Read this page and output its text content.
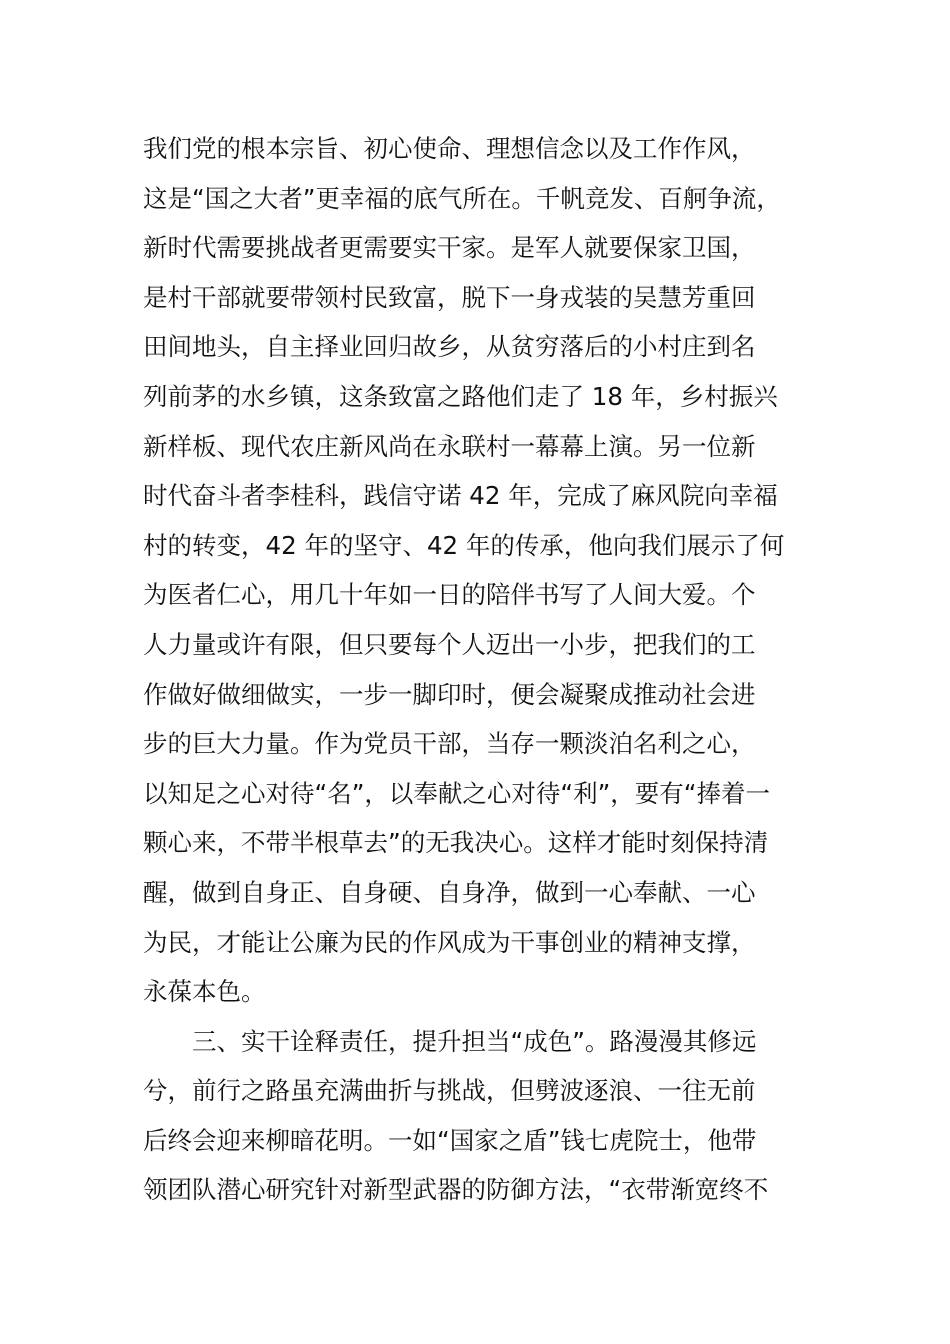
我们党的根本宗旨、初心使命、理想信念以及工作作风，
这是“国之大者”更幸福的底气所在。千帆竞发、百舸争流，
新时代需要挑战者更需要实干家。是军人就要保家卫国，
是村干部就要带领村民致富，脱下一身戎装的吴慧芳重回
田间地头，自主择业回归故乡，从贫穷落后的小村庄到名
列前茅的水乡镇，这条致富之路他们走了 18 年，乡村振兴
新样板、现代农庄新风尚在永联村一幕幕上演。另一位新
时代奋斗者李桂科，践信守诺 42 年，完成了麻风院向幸福
村的转变，42 年的坚守、42 年的传承，他向我们展示了何
为医者仁心，用几十年如一日的陪伴书写了人间大爱。个
人力量或许有限，但只要每个人迈出一小步，把我们的工
作做好做细做实，一步一脚印时，便会凝聚成推动社会进
步的巨大力量。作为党员干部，当存一颗淡泊名利之心，
以知足之心对待“名”，以奉献之心对待“利”，要有“捧着一
颗心来，不带半根草去”的无我决心。这样才能时刻保持清
醒，做到自身正、自身硬、自身净，做到一心奉献、一心
为民，才能让公廉为民的作风成为干事创业的精神支撑，
永葆本色。
三、实干诠释责任，提升担当“成色”。路漫漫其修远
兮，前行之路虽充满曲折与挑战，但劈波逐浪、一往无前
后终会迎来柳暗花明。一如“国家之盾”钱七虎院士，他带
领团队潜心研究针对新型武器的防御方法，“衣带渐宽终不
